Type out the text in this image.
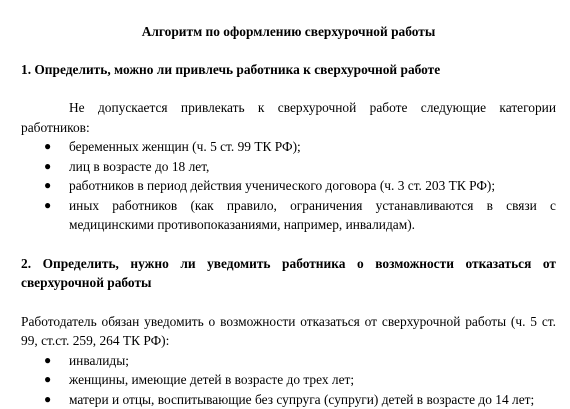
Алгоритм по оформлению сверхурочной работы
1. Определить, можно ли привлечь работника к сверхурочной работе

Не допускается привлекать к сверхурочной работе следующие категории работников:

● беременных женщин (ч. 5 ст. 99 ТК РФ);
● лиц в возрасте до 18 лет,
● работников в период действия ученического договора (ч. 3 ст. 203 ТК РФ);
● иных работников (как правило, ограничения устанавливаются в связи с медицинскими противопоказаниями, например, инвалидам).
2. Определить, нужно ли уведомить работника о возможности отказаться от сверхурочной работы

Работодатель обязан уведомить о возможности отказаться от сверхурочной работы (ч. 5 ст. 99, ст.ст. 259, 264 ТК РФ):

● инвалиды;
● женщины, имеющие детей в возрасте до трех лет;
● матери и отцы, воспитывающие без супруга (супруги) детей в возрасте до 14 лет;
